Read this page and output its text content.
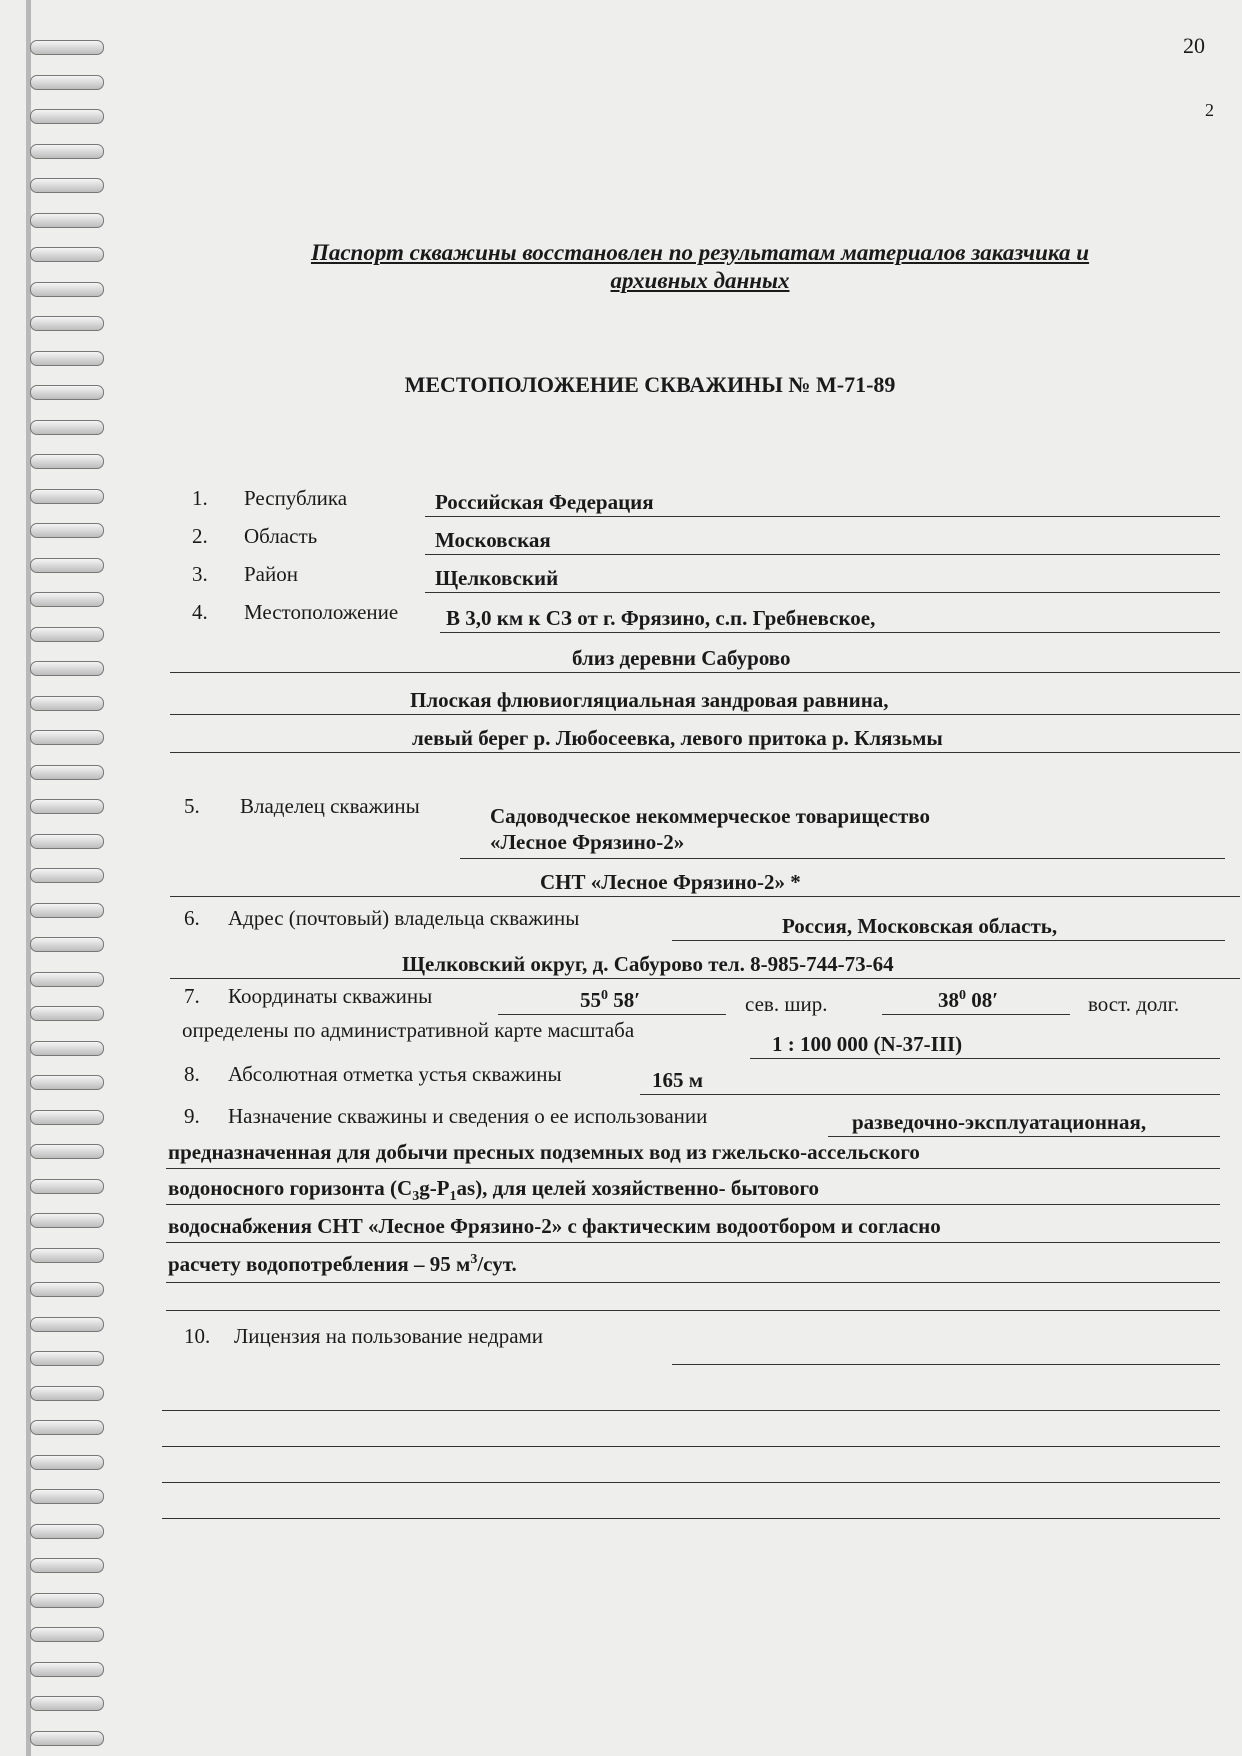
20
2
Паспорт скважины восстановлен по результатам материалов заказчика и
архивных данных
МЕСТОПОЛОЖЕНИЕ СКВАЖИНЫ № М-71-89
1. Республика	Российская Федерация
2. Область	Московская
3. Район	Щелковский
4. Местоположение В 3,0 км к СЗ от г. Фрязино, с.п. Гребневское,
близ деревни Сабурово
Плоская флювиогляциальная зандровая равнина,
левый берег р. Любосеевка, левого притока р. Клязьмы
5. Владелец скважины	Садоводческое некоммерческое товарищество
«Лесное Фрязино-2»
СНТ «Лесное Фрязино-2» *
6. Адрес (почтовый) владельца скважины	Россия, Московская область,
Щелковский округ, д. Сабурово тел. 8-985-744-73-64
7. Координаты скважины	$55^0$ 58′	сев. шир.	$38^0$ 08′	вост. долг.
определены по административной карте масштаба
1 : 100 000 (N-37-III)
8. Абсолютная отметка устья скважины	165 м
9. Назначение скважины и сведения о ее использовании	разведочно-эксплуатационная,
предназначенная для добычи пресных подземных вод из гжельско-ассельского
водоносного горизонта $(C_3g-P_1as)$, для целей хозяйственно- бытового
водоснабжения СНТ «Лесное Фрязино-2» с фактическим водоотбором и согласно
расчету водопотребления – 95 $м^3$/сут.
10. Лицензия на пользование недрами
